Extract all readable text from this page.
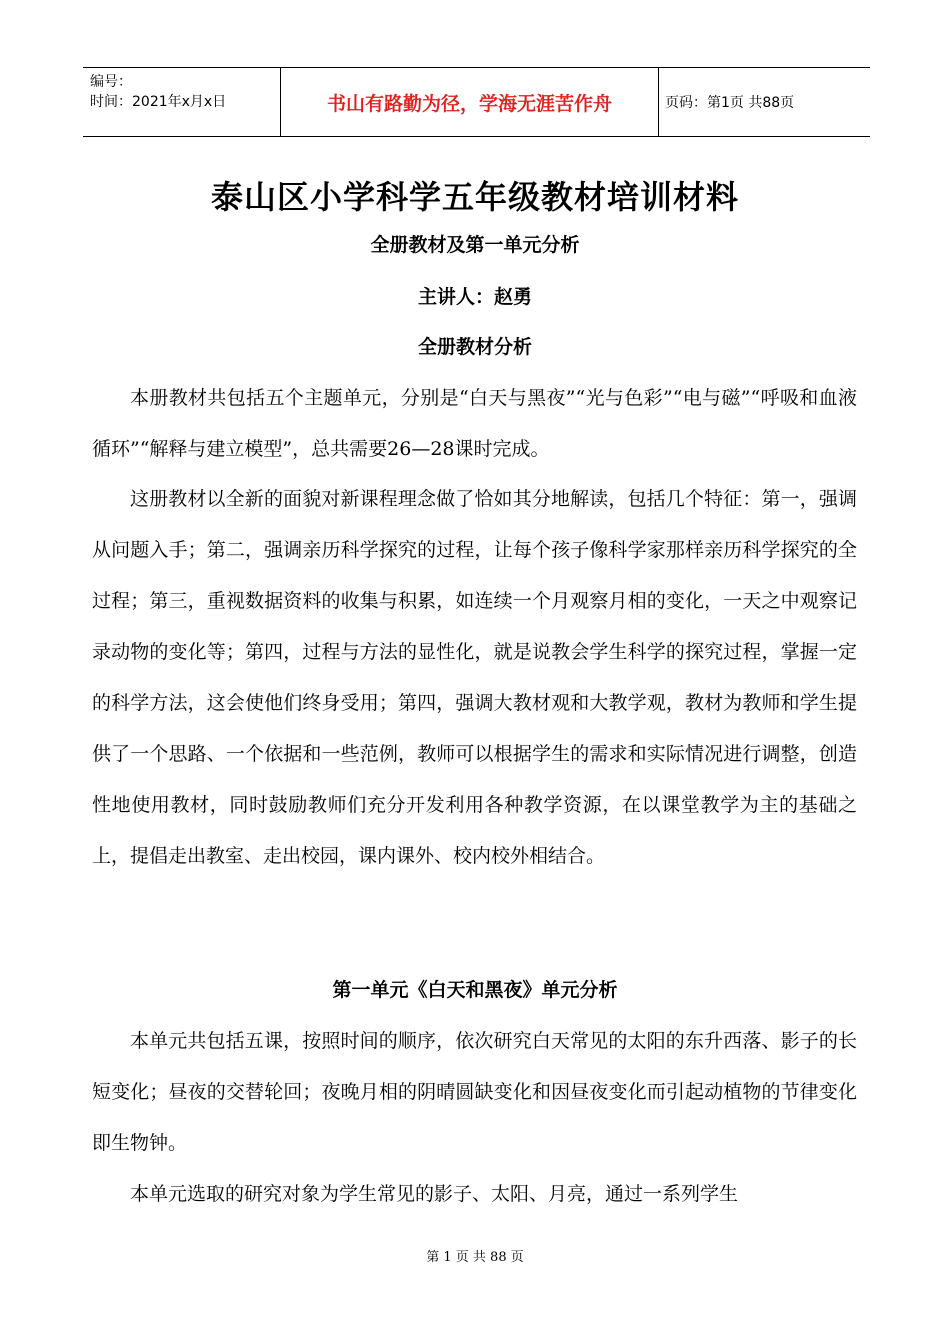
编号：
时间：2021年x月x日	书山有路勤为径，学海无涯苦作舟	页码：第1页 共88页
泰山区小学科学五年级教材培训材料
全册教材及第一单元分析
主讲人：赵勇
全册教材分析

本册教材共包括五个主题单元，分别是“白天与黑夜”“光与色彩”“电与磁”“呼吸和血液循环”“解释与建立模型”，总共需要26—28课时完成。

这册教材以全新的面貌对新课程理念做了恰如其分地解读，包括几个特征：第一，强调从问题入手；第二，强调亲历科学探究的过程，让每个孩子像科学家那样亲历科学探究的全过程；第三，重视数据资料的收集与积累，如连续一个月观察月相的变化，一天之中观察记录动物的变化等；第四，过程与方法的显性化，就是说教会学生科学的探究过程，掌握一定的科学方法，这会使他们终身受用；第四，强调大教材观和大教学观，教材为教师和学生提供了一个思路、一个依据和一些范例，教师可以根据学生的需求和实际情况进行调整，创造性地使用教材，同时鼓励教师们充分开发利用各种教学资源，在以课堂教学为主的基础之上，提倡走出教室、走出校园，课内课外、校内校外相结合。

第一单元《白天和黑夜》单元分析

本单元共包括五课，按照时间的顺序，依次研究白天常见的太阳的东升西落、影子的长短变化；昼夜的交替轮回；夜晚月相的阴晴圆缺变化和因昼夜变化而引起动植物的节律变化即生物钟。

本单元选取的研究对象为学生常见的影子、太阳、月亮，通过一系列学生

第 1 页 共 88 页
